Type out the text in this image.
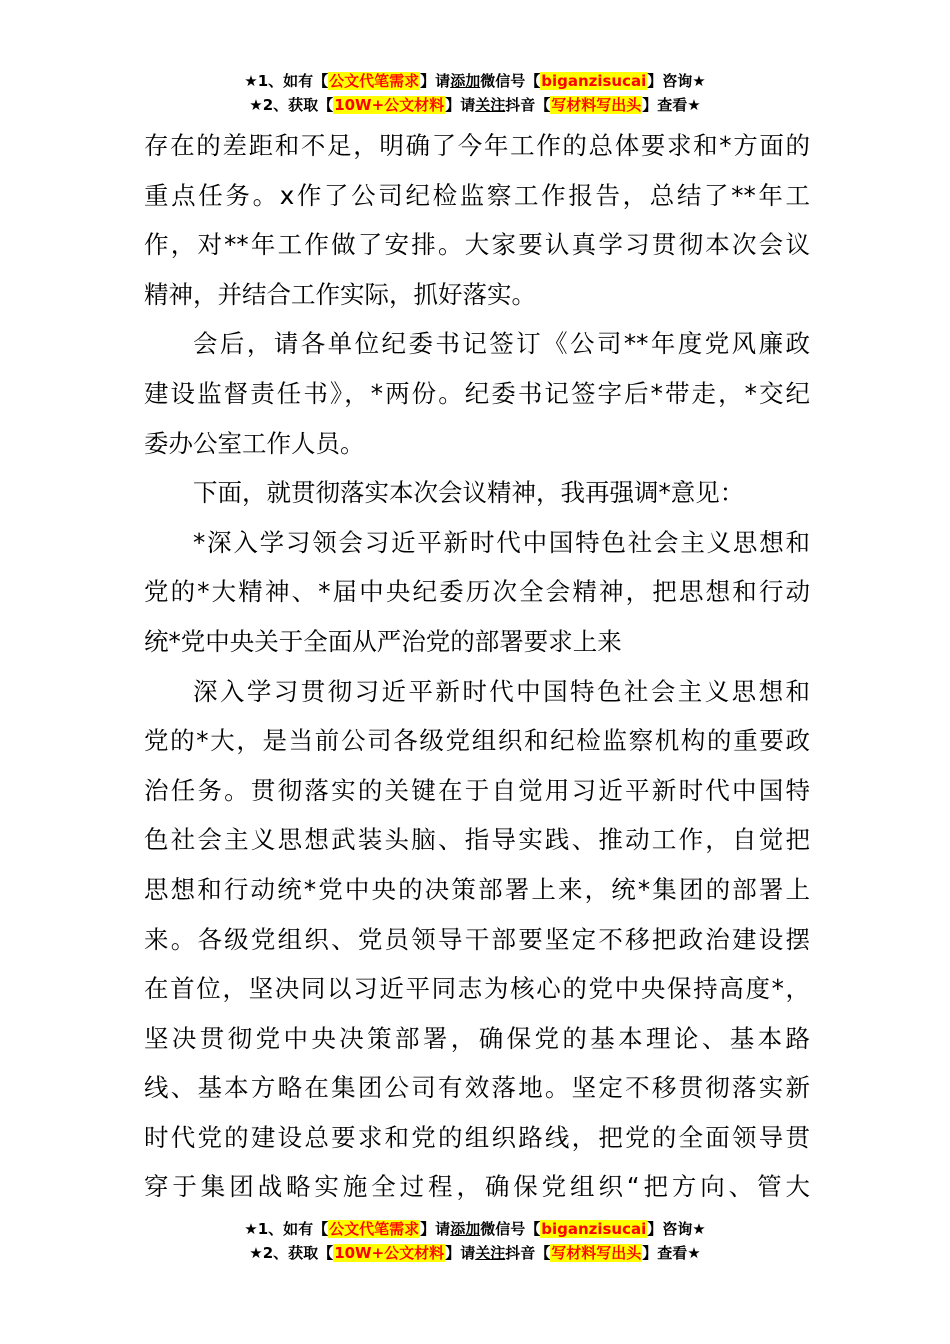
★1、如有【公文代笔需求】请添加微信号【biganzisucai】咨询★
★2、获取【10W+公文材料】请关注抖音【写材料写出头】查看★
存在的差距和不足，明确了今年工作的总体要求和*方面的
重点任务。x作了公司纪检监察工作报告，总结了**年工
作，对**年工作做了安排。大家要认真学习贯彻本次会议
精神，并结合工作实际，抓好落实。
会后，请各单位纪委书记签订《公司**年度党风廉政
建设监督责任书》，*两份。纪委书记签字后*带走，*交纪
委办公室工作人员。
下面，就贯彻落实本次会议精神，我再强调*意见：
*深入学习领会习近平新时代中国特色社会主义思想和
党的*大精神、*届中央纪委历次全会精神，把思想和行动
统*党中央关于全面从严治党的部署要求上来
深入学习贯彻习近平新时代中国特色社会主义思想和
党的*大，是当前公司各级党组织和纪检监察机构的重要政
治任务。贯彻落实的关键在于自觉用习近平新时代中国特
色社会主义思想武装头脑、指导实践、推动工作，自觉把
思想和行动统*党中央的决策部署上来，统*集团的部署上
来。各级党组织、党员领导干部要坚定不移把政治建设摆
在首位，坚决同以习近平同志为核心的党中央保持高度*，
坚决贯彻党中央决策部署，确保党的基本理论、基本路
线、基本方略在集团公司有效落地。坚定不移贯彻落实新
时代党的建设总要求和党的组织路线，把党的全面领导贯
穿于集团战略实施全过程，确保党组织“把方向、管大
★1、如有【公文代笔需求】请添加微信号【biganzisucai】咨询★
★2、获取【10W+公文材料】请关注抖音【写材料写出头】查看★
